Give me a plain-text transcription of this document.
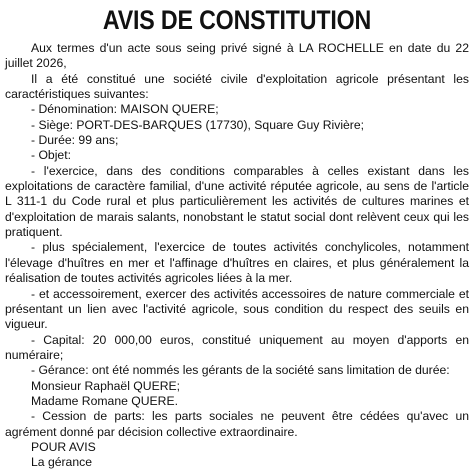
AVIS DE CONSTITUTION

Aux termes d'un acte sous seing privé signé à LA ROCHELLE en date du 22 juillet 2026,

Il a été constitué une société civile d'exploitation agricole présentant les caractéristiques suivantes:

- Dénomination: MAISON QUERE;

- Siège: PORT-DES-BARQUES (17730), Square Guy Rivière;

- Durée: 99 ans;

- Objet:

- l'exercice, dans des conditions comparables à celles existant dans les exploitations de caractère familial, d'une activité réputée agricole, au sens de l'article L 311-1 du Code rural et plus particulièrement les activités de cultures marines et d'exploitation de marais salants, nonobstant le statut social dont relèvent ceux qui les pratiquent.

- plus spécialement, l'exercice de toutes activités conchylicoles, notamment l'élevage d'huîtres en mer et l'affinage d'huîtres en claires, et plus généralement la réalisation de toutes activités agricoles liées à la mer.

- et accessoirement, exercer des activités accessoires de nature commerciale et présentant un lien avec l'activité agricole, sous condition du respect des seuils en vigueur.

- Capital: 20 000,00 euros, constitué uniquement au moyen d'apports en numéraire;

- Gérance: ont été nommés les gérants de la société sans limitation de durée:

Monsieur Raphaël QUERE;

Madame Romane QUERE.

- Cession de parts: les parts sociales ne peuvent être cédées qu'avec un agrément donné par décision collective extraordinaire.

POUR AVIS
La gérance
